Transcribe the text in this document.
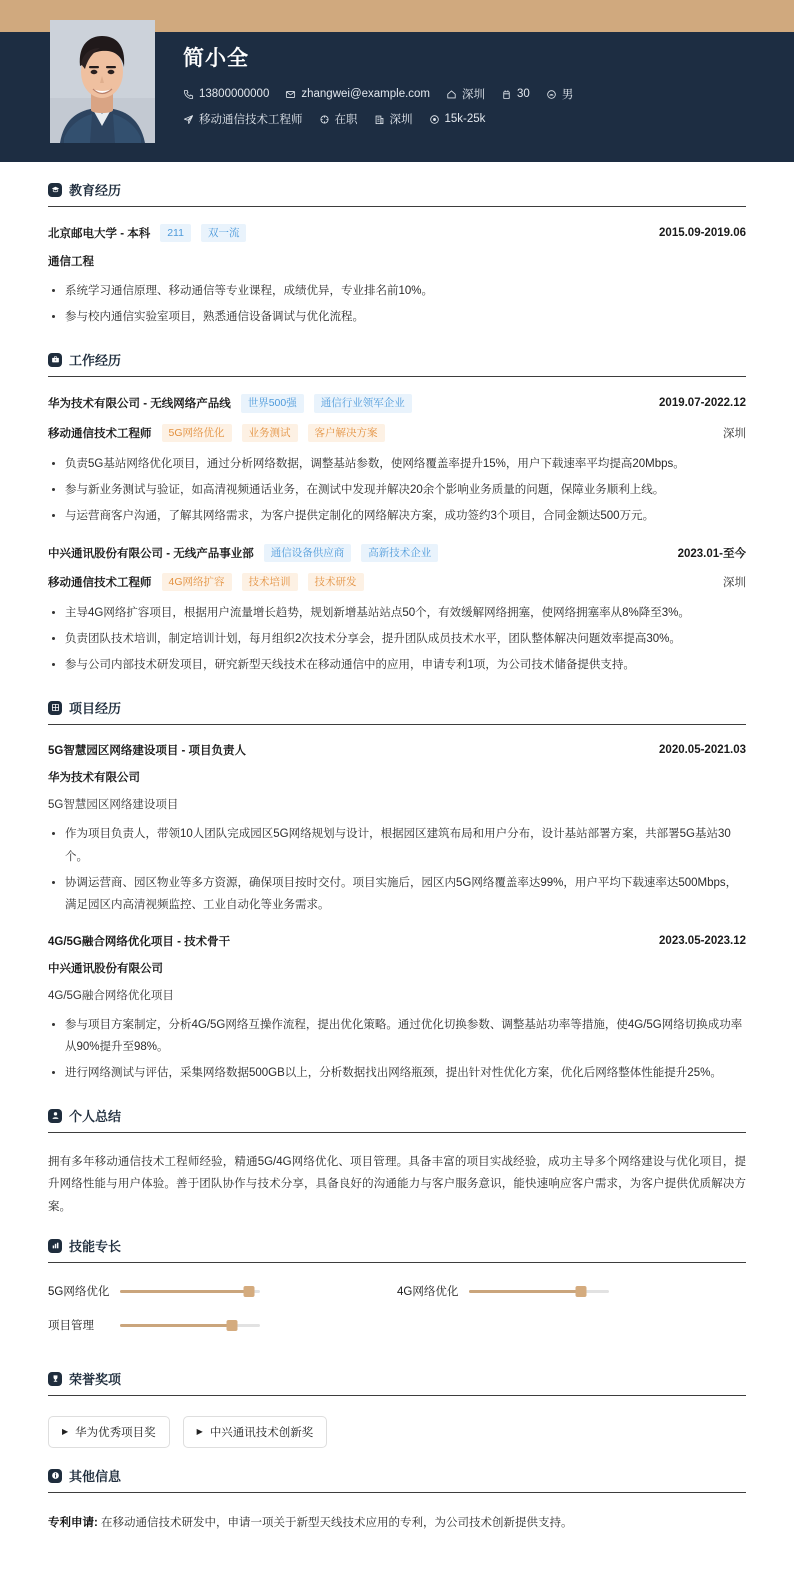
简小全
13800000000	zhangwei@example.com	深圳	30	男
移动通信技术工程师	在职	深圳	15k-25k
教育经历
北京邮电大学 - 本科	211	双一流	2015.09-2019.06
通信工程
系统学习通信原理、移动通信等专业课程，成绩优异，专业排名前10%。
参与校内通信实验室项目，熟悉通信设备调试与优化流程。
工作经历
华为技术有限公司 - 无线网络产品线	世界500强	通信行业领军企业	2019.07-2022.12
移动通信技术工程师	5G网络优化	业务测试	客户解决方案	深圳
负责5G基站网络优化项目，通过分析网络数据，调整基站参数，使网络覆盖率提升15%，用户下载速率平均提高20Mbps。
参与新业务测试与验证，如高清视频通话业务，在测试中发现并解决20余个影响业务质量的问题，保障业务顺利上线。
与运营商客户沟通，了解其网络需求，为客户提供定制化的网络解决方案，成功签约3个项目，合同金额达500万元。
中兴通讯股份有限公司 - 无线产品事业部	通信设备供应商	高新技术企业	2023.01-至今
移动通信技术工程师	4G网络扩容	技术培训	技术研发	深圳
主导4G网络扩容项目，根据用户流量增长趋势，规划新增基站站点50个，有效缓解网络拥塞，使网络拥塞率从8%降至3%。
负责团队技术培训，制定培训计划，每月组织2次技术分享会，提升团队成员技术水平，团队整体解决问题效率提高30%。
参与公司内部技术研发项目，研究新型天线技术在移动通信中的应用，申请专利1项，为公司技术储备提供支持。
项目经历
5G智慧园区网络建设项目 - 项目负责人	2020.05-2021.03
华为技术有限公司
5G智慧园区网络建设项目
作为项目负责人，带领10人团队完成园区5G网络规划与设计，根据园区建筑布局和用户分布，设计基站部署方案，共部署5G基站30个。
协调运营商、园区物业等多方资源，确保项目按时交付。项目实施后，园区内5G网络覆盖率达99%，用户平均下载速率达500Mbps，满足园区内高清视频监控、工业自动化等业务需求。
4G/5G融合网络优化项目 - 技术骨干	2023.05-2023.12
中兴通讯股份有限公司
4G/5G融合网络优化项目
参与项目方案制定，分析4G/5G网络互操作流程，提出优化策略。通过优化切换参数、调整基站功率等措施，使4G/5G网络切换成功率从90%提升至98%。
进行网络测试与评估，采集网络数据500GB以上，分析数据找出网络瓶颈，提出针对性优化方案，优化后网络整体性能提升25%。
个人总结
拥有多年移动通信技术工程师经验，精通5G/4G网络优化、项目管理。具备丰富的项目实战经验，成功主导多个网络建设与优化项目，提升网络性能与用户体验。善于团队协作与技术分享，具备良好的沟通能力与客户服务意识，能快速响应客户需求，为客户提供优质解决方案。
技能专长
5G网络优化	4G网络优化
项目管理
荣誉奖项
▶ 华为优秀项目奖	▶ 中兴通讯技术创新奖
其他信息
专利申请: 在移动通信技术研发中，申请一项关于新型天线技术应用的专利，为公司技术创新提供支持。
